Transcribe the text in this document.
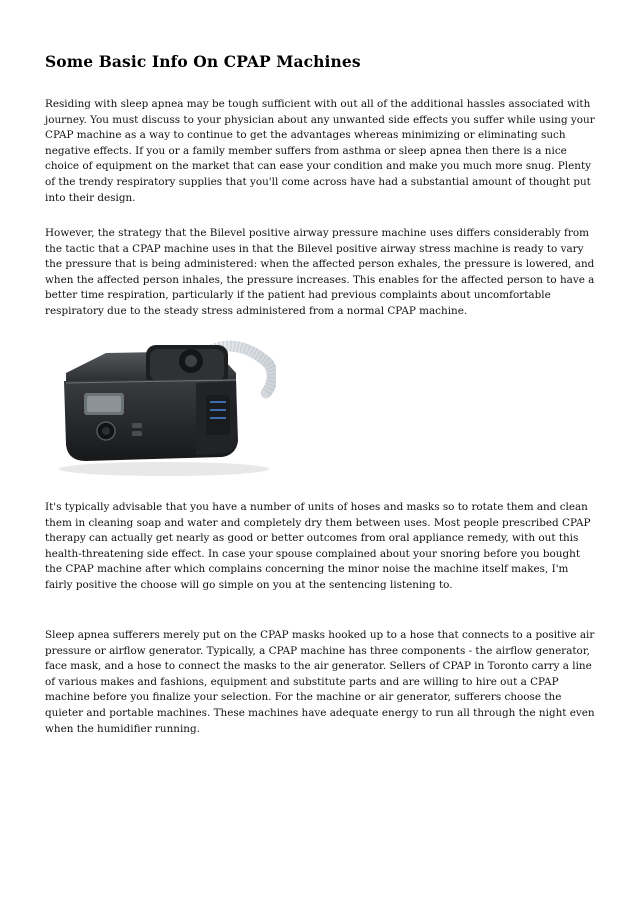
Some Basic Info On CPAP Machines

Residing with sleep apnea may be tough sufficient with out all of the additional hassles associated with journey. You must discuss to your physician about any unwanted side effects you suffer while using your CPAP machine as a way to continue to get the advantages whereas minimizing or eliminating such negative effects. If you or a family member suffers from asthma or sleep apnea then there is a nice choice of equipment on the market that can ease your condition and make you much more snug. Plenty of the trendy respiratory supplies that you'll come across have had a substantial amount of thought put into their design.

However, the strategy that the Bilevel positive airway pressure machine uses differs considerably from the tactic that a CPAP machine uses in that the Bilevel positive airway stress machine is ready to vary the pressure that is being administered: when the affected person exhales, the pressure is lowered, and when the affected person inhales, the pressure increases. This enables for the affected person to have a better time respiration, particularly if the patient had previous complaints about uncomfortable respiratory due to the steady stress administered from a normal CPAP machine.

It's typically advisable that you have a number of units of hoses and masks so to rotate them and clean them in cleaning soap and water and completely dry them between uses. Most people prescribed CPAP therapy can actually get nearly as good or better outcomes from oral appliance remedy, with out this health-threatening side effect. In case your spouse complained about your snoring before you bought the CPAP machine after which complains concerning the minor noise the machine itself makes, I'm fairly positive the choose will go simple on you at the sentencing listening to.

Sleep apnea sufferers merely put on the CPAP masks hooked up to a hose that connects to a positive air pressure or airflow generator. Typically, a CPAP machine has three components - the airflow generator, face mask, and a hose to connect the masks to the air generator. Sellers of CPAP in Toronto carry a line of various makes and fashions, equipment and substitute parts and are willing to hire out a CPAP machine before you finalize your selection. For the machine or air generator, sufferers choose the quieter and portable machines. These machines have adequate energy to run all through the night even when the humidifier running.
